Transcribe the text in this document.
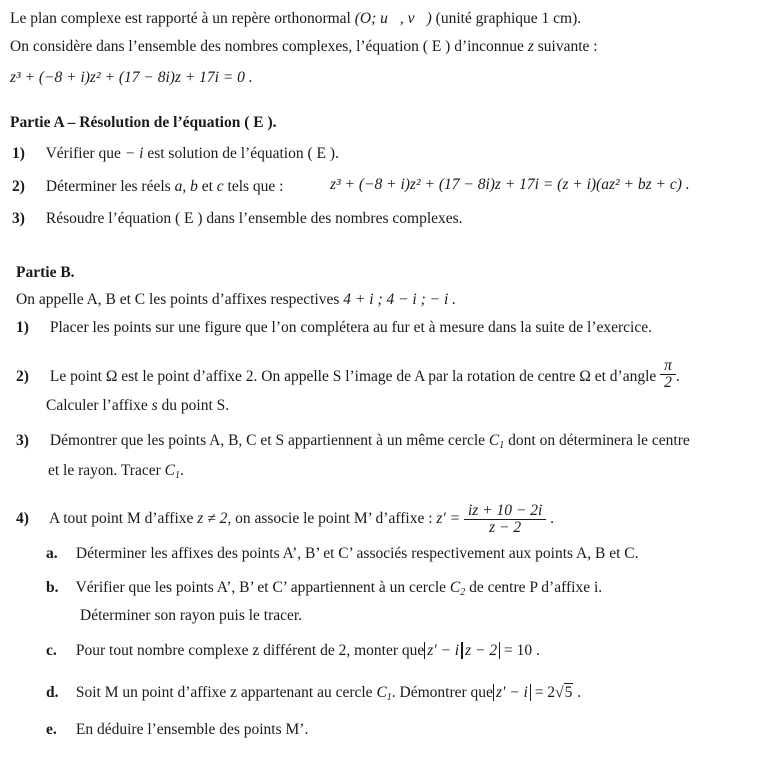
Le plan complexe est rapporté à un repère orthonormal (O; u⃗, v⃗) (unité graphique 1 cm).
On considère dans l’ensemble des nombres complexes, l’équation ( E ) d’inconnue z suivante :
z³ + (−8 + i)z² + (17 − 8i)z + 17i = 0 .
Partie A – Résolution de l’équation ( E ).
1) Vérifier que − i est solution de l’équation ( E ).
2) Déterminer les réels a, b et c tels que :	z³ + (−8 + i)z² + (17 − 8i)z + 17i = (z + i)(az² + bz + c) .
3) Résoudre l’équation ( E ) dans l’ensemble des nombres complexes.
Partie B.
On appelle A, B et C les points d’affixes respectives 4 + i ; 4 − i ; − i .
1) Placer les points sur une figure que l’on complétera au fur et à mesure dans la suite de l’exercice.
2) Le point Ω est le point d’affixe 2. On appelle S l’image de A par la rotation de centre Ω et d’angle $\frac{\pi}{2}$ .
Calculer l’affixe s du point S.
3) Démontrer que les points A, B, C et S appartiennent à un même cercle $C_1$ dont on déterminera le centre
et le rayon. Tracer $C_1$.
4) A tout point M d’affixe z ≠ 2, on associe le point M’ d’affixe : $z' = \frac{iz + 10 - 2i}{z - 2}$ .
a. Déterminer les affixes des points A’, B’ et C’ associés respectivement aux points A, B et C.
b. Vérifier que les points A’, B’ et C’ appartiennent à un cercle $C_2$ de centre P d’affixe i.
Déterminer son rayon puis le tracer.
c. Pour tout nombre complexe z différent de 2, monter que z' − i z − 2 = 10 .
d. Soit M un point d’affixe z appartenant au cercle $C_1$. Démontrer que z' − i = 2√5 .
e. En déduire l’ensemble des points M’.
